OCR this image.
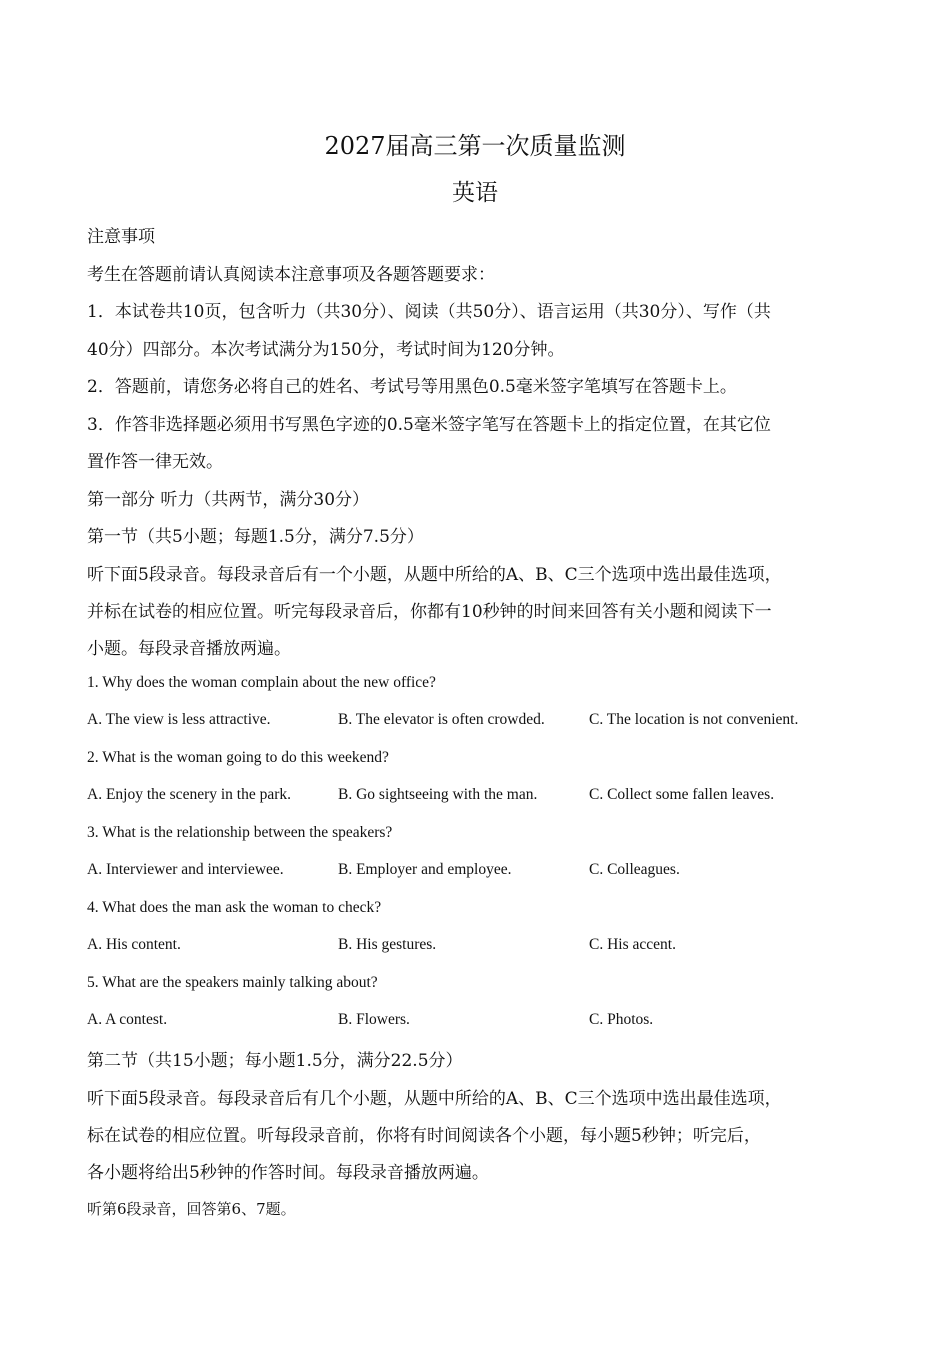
2027届高三第一次质量监测
英语
注意事项
考生在答题前请认真阅读本注意事项及各题答题要求：
1．本试卷共10页，包含听力（共30分）、阅读（共50分）、语言运用（共30分）、写作（共
40分）四部分。本次考试满分为150分，考试时间为120分钟。
2．答题前，请您务必将自己的姓名、考试号等用黑色0.5毫米签字笔填写在答题卡上。
3．作答非选择题必须用书写黑色字迹的0.5毫米签字笔写在答题卡上的指定位置，在其它位
置作答一律无效。
第一部分 听力（共两节，满分30分）
第一节（共5小题；每题1.5分，满分7.5分）
听下面5段录音。每段录音后有一个小题，从题中所给的A、B、C三个选项中选出最佳选项，
并标在试卷的相应位置。听完每段录音后，你都有10秒钟的时间来回答有关小题和阅读下一
小题。每段录音播放两遍。
1. Why does the woman complain about the new office?
A. The view is less attractive.	B. The elevator is often crowded.	C. The location is not convenient.
2. What is the woman going to do this weekend?
A. Enjoy the scenery in the park.	B. Go sightseeing with the man.	C. Collect some fallen leaves.
3. What is the relationship between the speakers?
A. Interviewer and interviewee.	B. Employer and employee.	C. Colleagues.
4. What does the man ask the woman to check?
A. His content.	B. His gestures.	C. His accent.
5. What are the speakers mainly talking about?
A. A contest.	B. Flowers.	C. Photos.
第二节（共15小题；每小题1.5分，满分22.5分）
听下面5段录音。每段录音后有几个小题，从题中所给的A、B、C三个选项中选出最佳选项，
标在试卷的相应位置。听每段录音前，你将有时间阅读各个小题，每小题5秒钟；听完后，
各小题将给出5秒钟的作答时间。每段录音播放两遍。
听第6段录音，回答第6、7题。
